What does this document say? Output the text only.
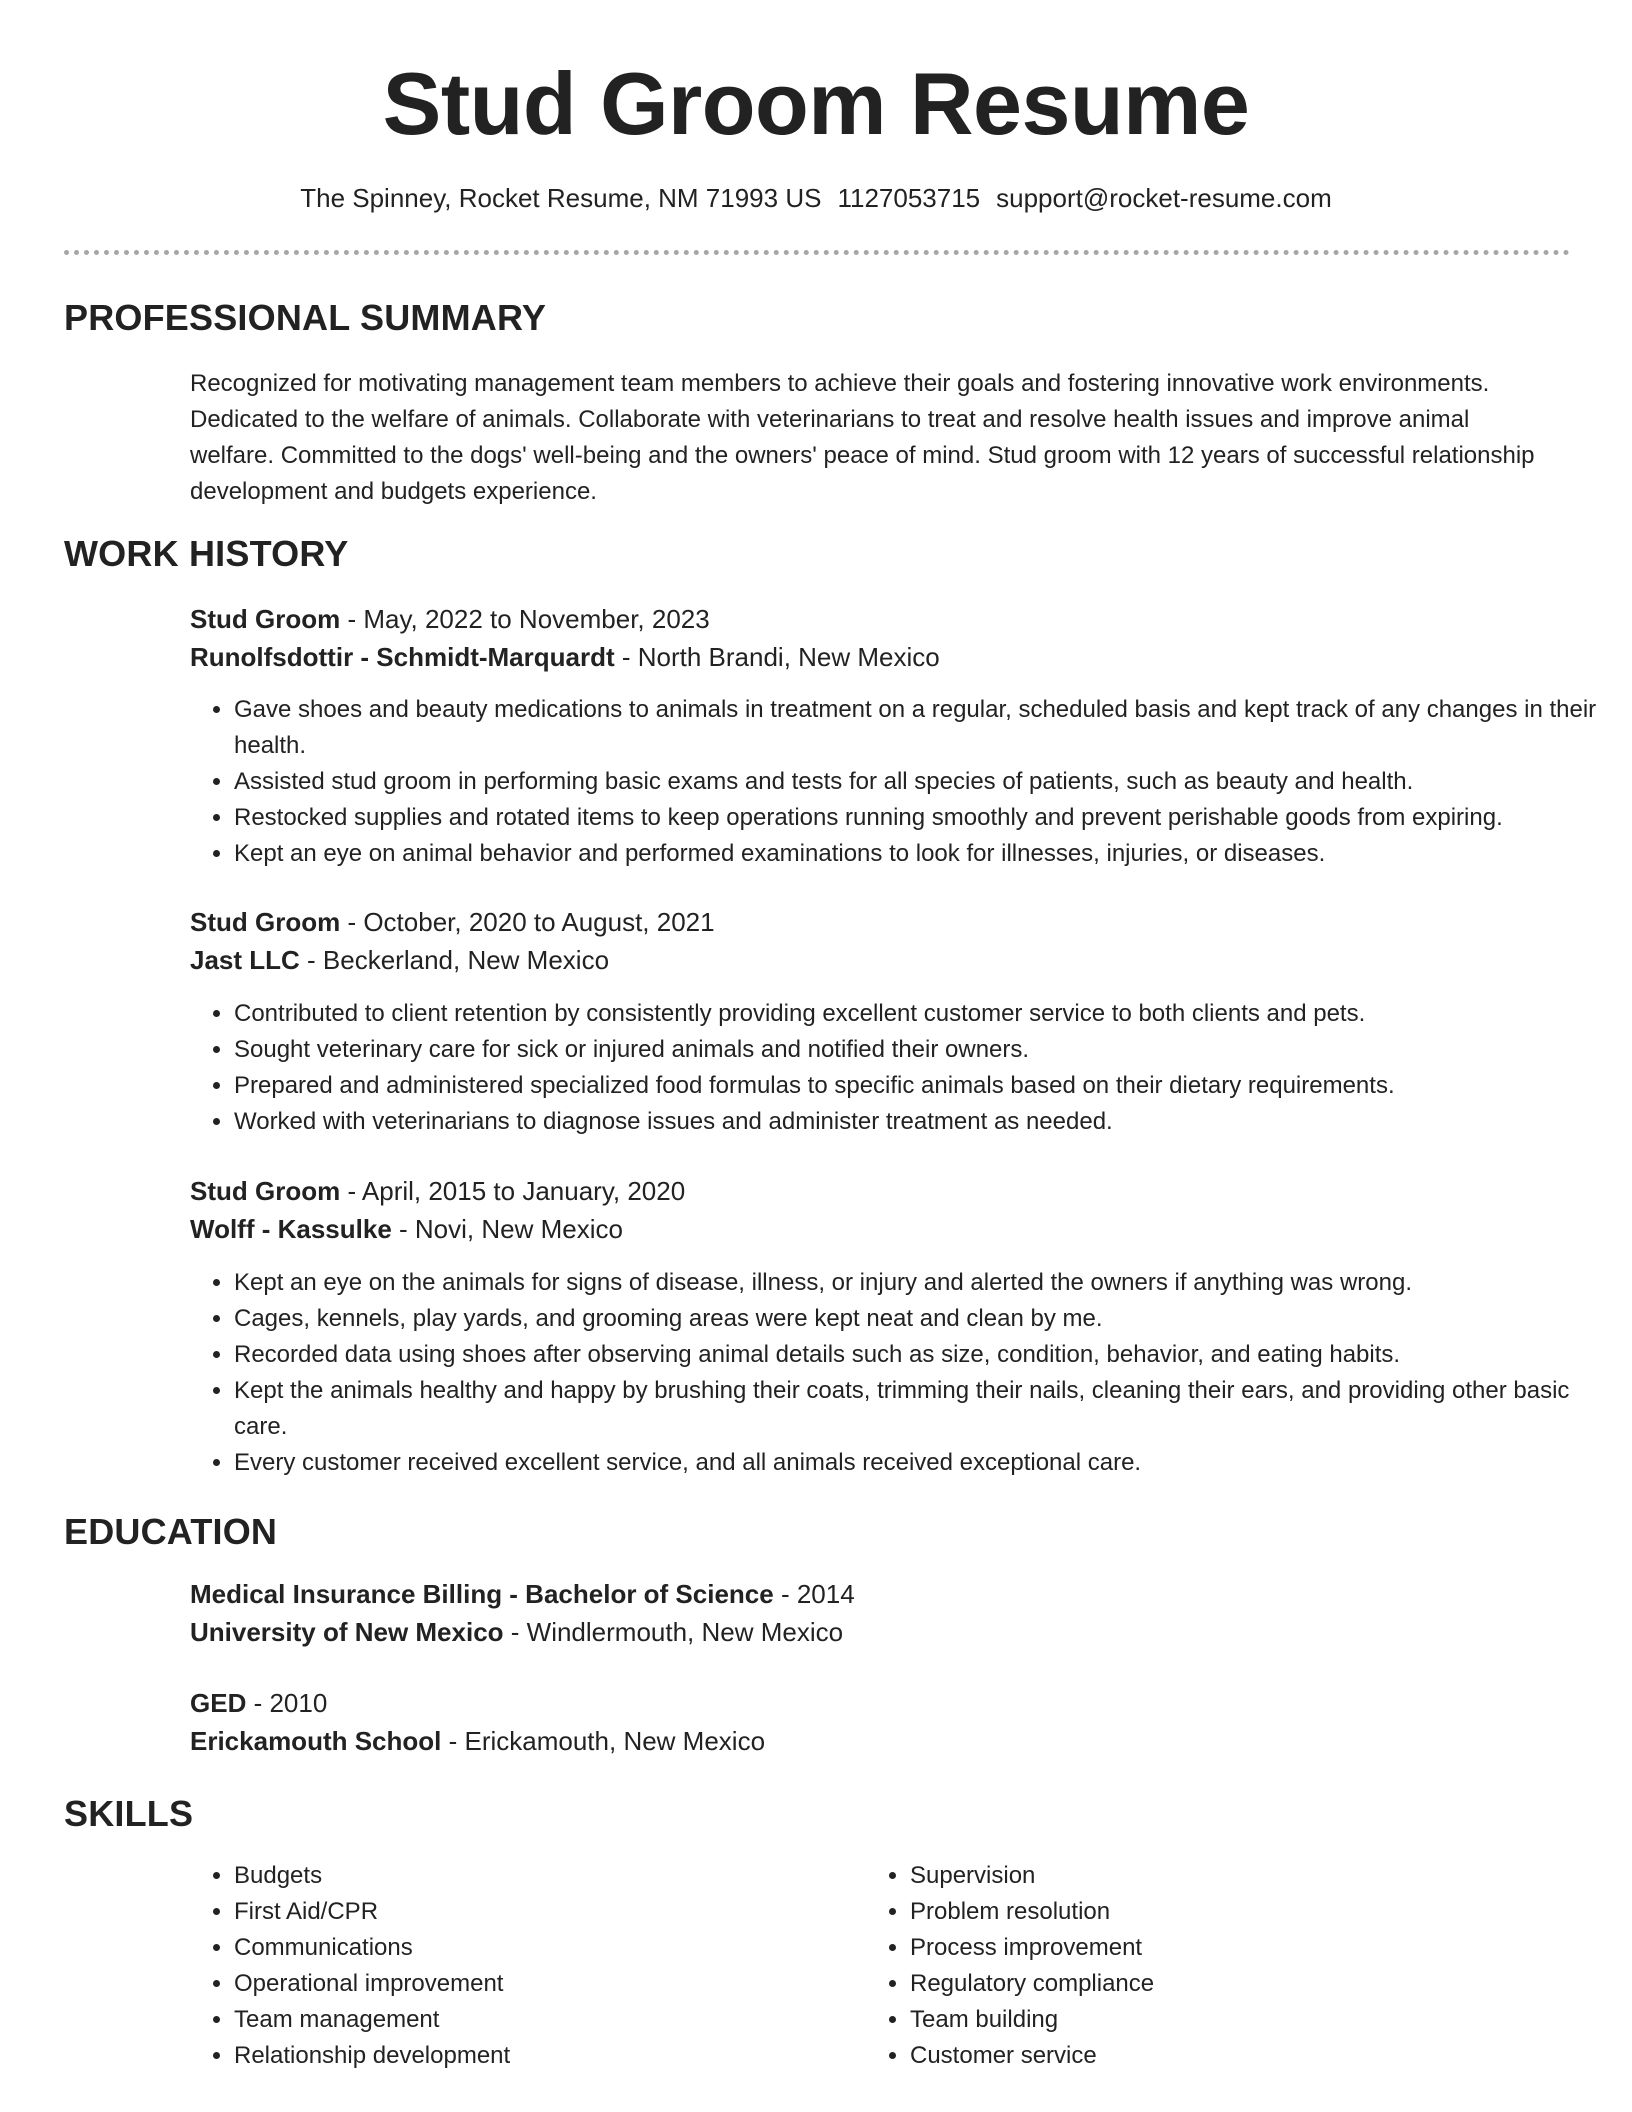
Stud Groom Resume
The Spinney, Rocket Resume, NM 71993 US 1127053715 support@rocket-resume.com
PROFESSIONAL SUMMARY

Recognized for motivating management team members to achieve their goals and fostering innovative work environments. Dedicated to the welfare of animals. Collaborate with veterinarians to treat and resolve health issues and improve animal welfare. Committed to the dogs' well-being and the owners' peace of mind. Stud groom with 12 years of successful relationship development and budgets experience.

WORK HISTORY
Stud Groom - May, 2022 to November, 2023
Runolfsdottir - Schmidt-Marquardt - North Brandi, New Mexico
• Gave shoes and beauty medications to animals in treatment on a regular, scheduled basis and kept track of any changes in their health.
• Assisted stud groom in performing basic exams and tests for all species of patients, such as beauty and health.
• Restocked supplies and rotated items to keep operations running smoothly and prevent perishable goods from expiring.
• Kept an eye on animal behavior and performed examinations to look for illnesses, injuries, or diseases.
Stud Groom - October, 2020 to August, 2021
Jast LLC - Beckerland, New Mexico
• Contributed to client retention by consistently providing excellent customer service to both clients and pets.
• Sought veterinary care for sick or injured animals and notified their owners.
• Prepared and administered specialized food formulas to specific animals based on their dietary requirements.
• Worked with veterinarians to diagnose issues and administer treatment as needed.
Stud Groom - April, 2015 to January, 2020
Wolff - Kassulke - Novi, New Mexico
• Kept an eye on the animals for signs of disease, illness, or injury and alerted the owners if anything was wrong.
• Cages, kennels, play yards, and grooming areas were kept neat and clean by me.
• Recorded data using shoes after observing animal details such as size, condition, behavior, and eating habits.
• Kept the animals healthy and happy by brushing their coats, trimming their nails, cleaning their ears, and providing other basic care.
• Every customer received excellent service, and all animals received exceptional care.
EDUCATION
Medical Insurance Billing - Bachelor of Science - 2014
University of New Mexico - Windlermouth, New Mexico
GED - 2010
Erickamouth School - Erickamouth, New Mexico
SKILLS
• Budgets
• First Aid/CPR
• Communications
• Operational improvement
• Team management
• Relationship development
• Supervision
• Problem resolution
• Process improvement
• Regulatory compliance
• Team building
• Customer service
